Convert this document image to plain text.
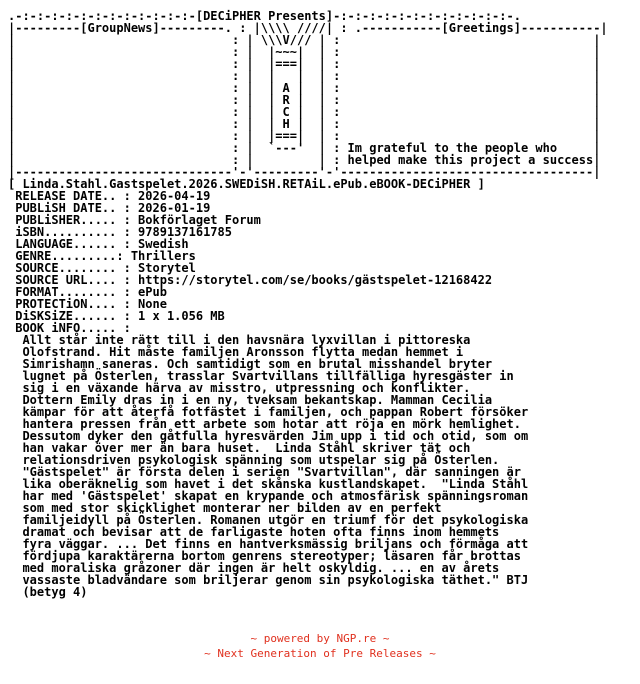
.-:-:-:-:-:-:-:-:-:-:-:-:-[DECiPHER Presents]-:-:-:-:-:-:-:-:-:-:-:-:-.
|---------[GroupNews]---------. : |\\\\ ////| : .-----------[Greetings]-----------|
|                              : | \\\V/// | :                                   |
|                              : |  |~~~|  | :                                   |
|                              : |  |===|  | :                                   |
|                              : |  |   |  | :                                   |
|                              : |  | A |  | :                                   |
|                              : |  | R |  | :                                   |
|                              : |  | C |  | :                                   |
|                              : |  | H |  | :                                   |
|                              : |  |===|  | :                                   |
|                              : |  `---'  | : Im grateful to the people who     |
|                              : |         | : helped make this project a success|
|------------------------------'-'---------'-'-----------------------------------|
[ Linda.Stahl.Gastspelet.2026.SWEDiSH.RETAiL.ePub.eBOOK-DECiPHER ]
RELEASE DATE.. : 2026-04-19
PUBLiSH DATE.. : 2026-01-19
PUBLiSHER..... : Bokförlaget Forum
iSBN.......... : 9789137161785
LANGUAGE...... : Swedish
GENRE.........: Thrillers
SOURCE........ : Storytel
SOURCE URL.... : https://storytel.com/se/books/gästspelet-12168422
FORMAT........ : ePub
PROTECTiON.... : None
DiSKSiZE...... : 1 x 1.056 MB
BOOK iNFO..... :
Allt står inte rätt till i den havsnära lyxvillan i pittoreska
Olofstrand. Hit måste familjen Aronsson flytta medan hemmet i
Simrishamn saneras. Och samtidigt som en brutal misshandel bryter
lugnet på Österlen, trasslar Svartvillans tillfälliga hyresgäster in
sig i en växande härva av misstro, utpressning och konflikter.
Dottern Emily dras in i en ny, tveksam bekantskap. Mamman Cecilia
kämpar för att återfå fotfästet i familjen, och pappan Robert försöker
hantera pressen från ett arbete som hotar att röja en mörk hemlighet.
Dessutom dyker den gåtfulla hyresvärden Jim upp i tid och otid, som om
han vakar över mer än bara huset.  Linda Ståhl skriver tät och
relationsdriven psykologisk spänning som utspelar sig på Österlen.
"Gästspelet" är första delen i serien "Svartvillan", där sanningen är
lika oberäknelig som havet i det skånska kustlandskapet.  "Linda Ståhl
har med 'Gästspelet' skapat en krypande och atmosfärisk spänningsroman
som med stor skicklighet monterar ner bilden av en perfekt
familjeidyll på Österlen. Romanen utgör en triumf för det psykologiska
dramat och bevisar att de farligaste hoten ofta finns inom hemmets
fyra väggar. ... Det finns en hantverksmässig briljans och förmåga att
fördjupa karaktärerna bortom genrens stereotyper; läsaren får brottas
med moraliska gråzoner där ingen är helt oskyldig. ... en av årets
vassaste bladvändare som briljerar genom sin psykologiska täthet." BTJ
(betyg 4)
~ powered by NGP.re ~
~ Next Generation of Pre Releases ~
